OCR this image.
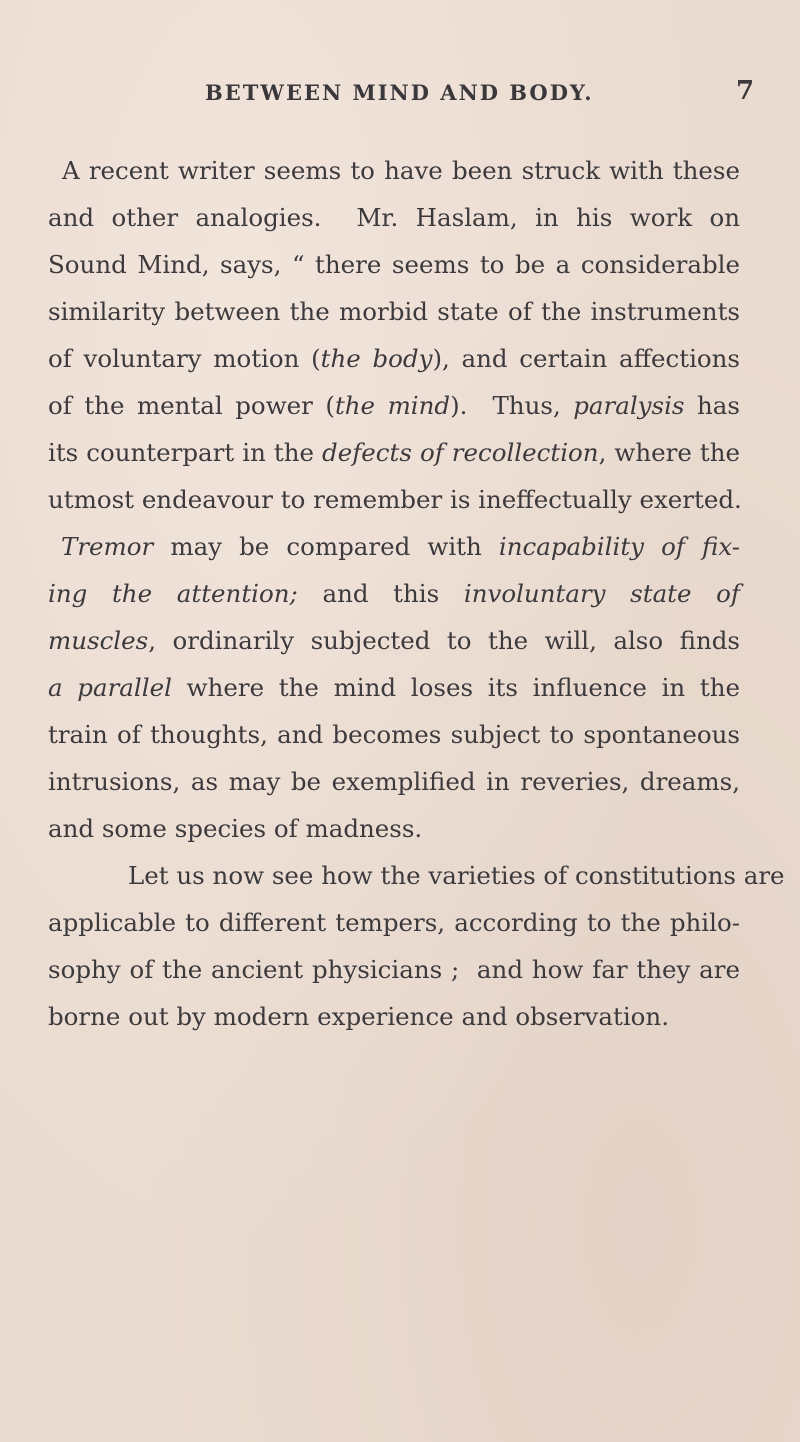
BETWEEN MIND AND BODY.	7
A recent writer seems to have been struck with these
and other analogies.  Mr. Haslam, in his work on
Sound Mind, says, “ there seems to be a considerable
similarity between the morbid state of the instruments
of voluntary motion (the body), and certain affections
of the mental power (the mind).  Thus, paralysis has
its counterpart in the defects of recollection, where the
utmost endeavour to remember is ineffectually exerted.
Tremor may be compared with incapability of fix-
ing the attention; and this involuntary state of
muscles, ordinarily subjected to the will, also finds
a parallel where the mind loses its influence in the
train of thoughts, and becomes subject to spontaneous
intrusions, as may be exemplified in reveries, dreams,
and some species of madness.
Let us now see how the varieties of constitutions are
applicable to different tempers, according to the philo-
sophy of the ancient physicians ;  and how far they are
borne out by modern experience and observation.
